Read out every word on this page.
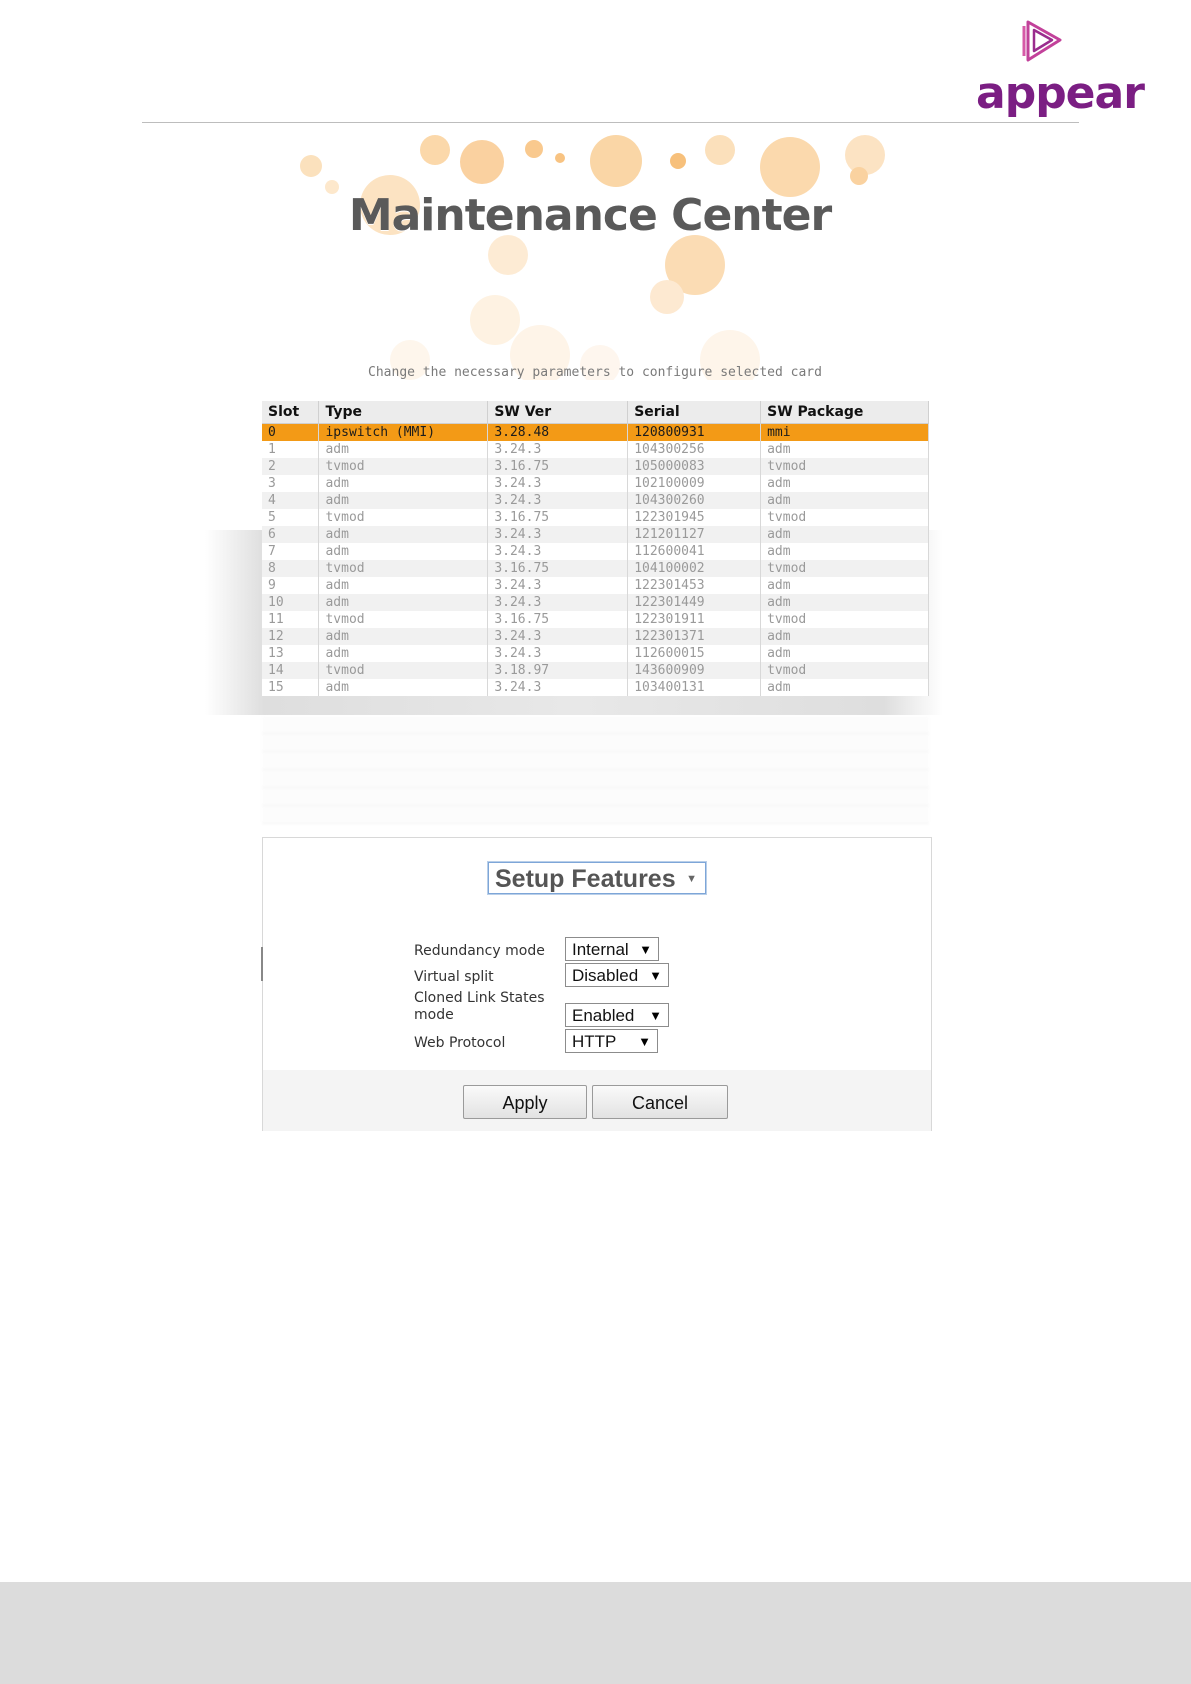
appear
Maintenance Center
Change the necessary parameters to configure selected card
Slot	Type	SW Ver	Serial	SW Package
0	ipswitch (MMI)	3.28.48	120800931	mmi
1	adm	3.24.3	104300256	adm
2	tvmod	3.16.75	105000083	tvmod
3	adm	3.24.3	102100009	adm
4	adm	3.24.3	104300260	adm
5	tvmod	3.16.75	122301945	tvmod
6	adm	3.24.3	121201127	adm
7	adm	3.24.3	112600041	adm
8	tvmod	3.16.75	104100002	tvmod
9	adm	3.24.3	122301453	adm
10	adm	3.24.3	122301449	adm
11	tvmod	3.16.75	122301911	tvmod
12	adm	3.24.3	122301371	adm
13	adm	3.24.3	112600015	adm
14	tvmod	3.18.97	143600909	tvmod
15	adm	3.24.3	103400131	adm
Setup Features ▼
Redundancy mode	Internal ▼
Virtual split	Disabled ▼
Cloned Link States mode	Enabled ▼
Web Protocol	HTTP ▼
Apply	Cancel
